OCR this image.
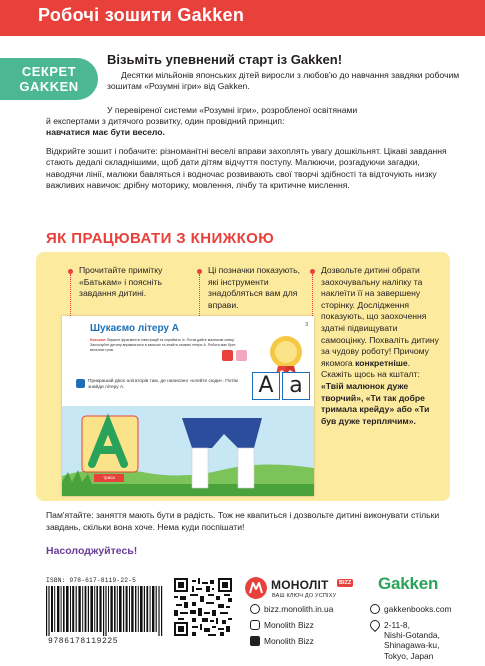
Робочі зошити Gakken
СЕКРЕТ
GAKKEN
Візьміть упевнений старт із Gakken!
Десятки мільйонів японських дітей виросли з любов'ю до навчання завдяки робочим зошитам «Розумні ігри» від Gakken.
У перевіреної системи «Розумні ігри», розробленої освітянами
й експертами з дитячого розвитку, один провідний принцип:
навчатися має бути весело.
Відкрийте зошит і побачите: різноманітні веселі вправи захоплять увагу дошкільнят. Цікаві завдання стають дедалі складнішими, щоб дати дітям відчуття поступу. Малюючи, розгадуючи загадки, наводячи лінії, малюки бавляться і водночас розвивають свої творчі здібності та відточують низку важливих навичок: дрібну моторику, мовлення, лічбу та критичне мислення.
ЯК ПРАЦЮВАТИ З КНИЖКОЮ
Прочитайте примітку «Батькам» і поясніть завдання дитині.
Ці позначки показують, які інструменти знадобляться вам для вправи.
Дозвольте дитині обрати заохочувальну наліпку та наклеїти її на завершену сторінку. Дослідження показують, що заохочення здатні підвищувати самооцінку. Похваліть дитину за чудову роботу! Причому якомога конкретніше. Скажіть щось на кшталт: «Твій малюнок дуже творчий», «Ти так добре тримала крейду» або «Ти був дуже терплячим».
Шукаємо літеру А	3
Батькам: Виріжте фрагменти ілюстрацій та сприйміть їх. Потім дайте малюкові олівці. Заохочуйте дитину вправлятися в записах та знайти сховані літери А. Робота має бути веселою грою.
Прикрашай двох алігаторів там, де написано «клейте сюди». Потім знайди літеру А.	A a
траса
Пам'ятайте: заняття мають бути в радість. Тож не квапиться і дозвольте дитині виконувати стільки завдань, скільки вона хоче. Нема куди поспішати!
Насолоджуйтесь!
ISBN: 978-617-8119-22-5
9786178119225
МОНОЛІТ	BIZZ
ВАШ КЛЮЧ ДО УСПІХУ
Gakken
bizz.monolith.in.ua
Monolith Bizz
Monolith Bizz
gakkenbooks.com
2-11-8,
Nishi-Gotanda,
Shinagawa-ku,
Tokyo, Japan
